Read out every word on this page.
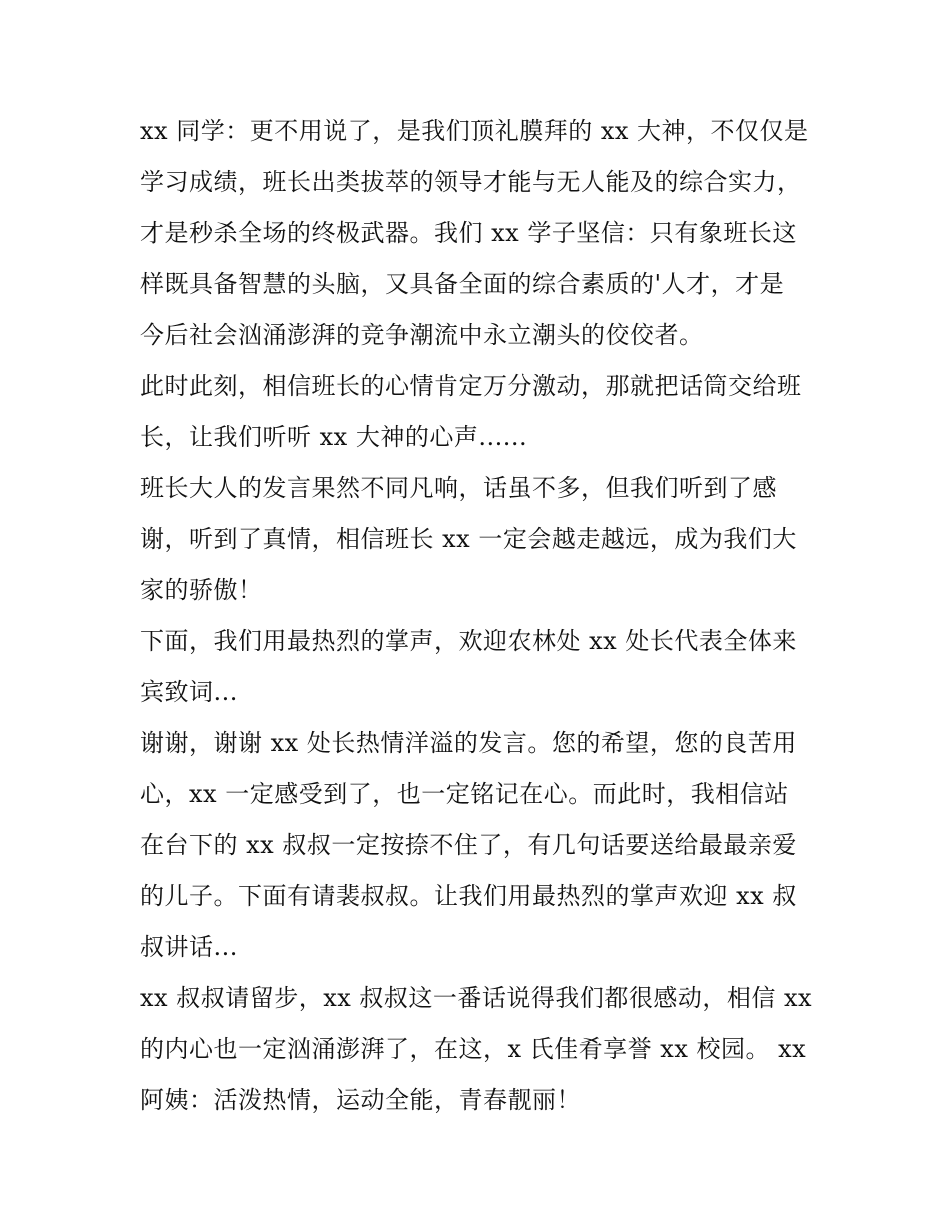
xx 同学：更不用说了，是我们顶礼膜拜的 xx 大神，不仅仅是
学习成绩，班长出类拔萃的领导才能与无人能及的综合实力，
才是秒杀全场的终极武器。我们 xx 学子坚信：只有象班长这
样既具备智慧的头脑，又具备全面的综合素质的'人才，才是
今后社会汹涌澎湃的竞争潮流中永立潮头的佼佼者。
此时此刻，相信班长的心情肯定万分激动，那就把话筒交给班
长，让我们听听 xx 大神的心声......
班长大人的发言果然不同凡响，话虽不多，但我们听到了感
谢，听到了真情，相信班长 xx 一定会越走越远，成为我们大
家的骄傲！
下面，我们用最热烈的掌声，欢迎农林处 xx 处长代表全体来
宾致词...
谢谢，谢谢 xx 处长热情洋溢的发言。您的希望，您的良苦用
心，xx 一定感受到了，也一定铭记在心。而此时，我相信站
在台下的 xx 叔叔一定按捺不住了，有几句话要送给最最亲爱
的儿子。下面有请裴叔叔。让我们用最热烈的掌声欢迎 xx 叔
叔讲话...
xx 叔叔请留步，xx 叔叔这一番话说得我们都很感动，相信 xx
的内心也一定汹涌澎湃了，在这，x 氏佳肴享誉 xx 校园。 xx
阿姨：活泼热情，运动全能，青春靓丽！
